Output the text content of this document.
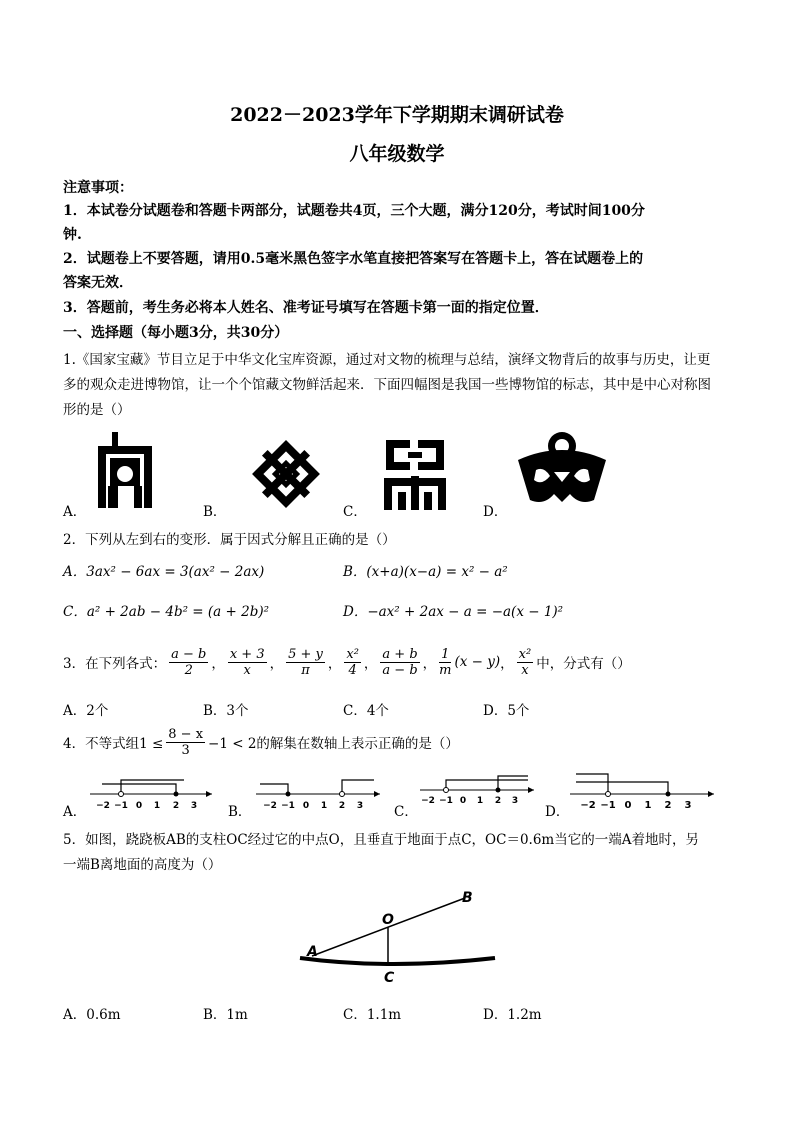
2022－2023学年下学期期末调研试卷
八年级数学
注意事项：
1．本试卷分试题卷和答题卡两部分，试题卷共4页，三个大题，满分120分，考试时间100分
钟.
2．试题卷上不要答题，请用0.5毫米黑色签字水笔直接把答案写在答题卡上，答在试题卷上的
答案无效．
3．答题前，考生务必将本人姓名、准考证号填写在答题卡第一面的指定位置．
一、选择题（每小题3分，共30分）
1.《国家宝藏》节目立足于中华文化宝库资源，通过对文物的梳理与总结，演绎文物背后的故事与历史，让更
多的观众走进博物馆，让一个个馆藏文物鲜活起来．下面四幅图是我国一些博物馆的标志，其中是中心对称图
形的是（）
A．	B．	C．	D．
2．下列从左到右的变形．属于因式分解且正确的是（）
A．3ax² − 6ax = 3(ax² − 2ax)	B．(x+a)(x−a) = x² − a²
C．a² + 2ab − 4b² = (a + 2b)²	D．−ax² + 2ax − a = −a(x − 1)²
3．在下列各式： $\frac{a - b}{2}$ ， $\frac{x + 3}{x}$ ， $\frac{5 + y}{\pi}$ ， $\frac{\text{x²}}{4}$ ， $\frac{a + b}{a - b}$ ， $\frac{1}{m} (x - y)$ ， $\frac{\text{x²}}{x}$ 中，分式有（）
A．2个	B．3个	C．4个	D．5个
4．不等式组$1 \le \frac{8 - x}{3} -1 < 2$的解集在数轴上表示正确的是（）
A．	B．	C．	D．
−2 −1 0 1 2 3	−2 −1 0 1 2 3	−2 −1 0 1 2 3	−2 −1 0 1 2 3
5．如图，跷跷板AB的支柱OC经过它的中点O，且垂直于地面于点C，OC＝0.6m当它的一端A着地时，另
一端B离地面的高度为（）
B
O
A
C
A．0.6m	B．1m	C．1.1m	D．1.2m
